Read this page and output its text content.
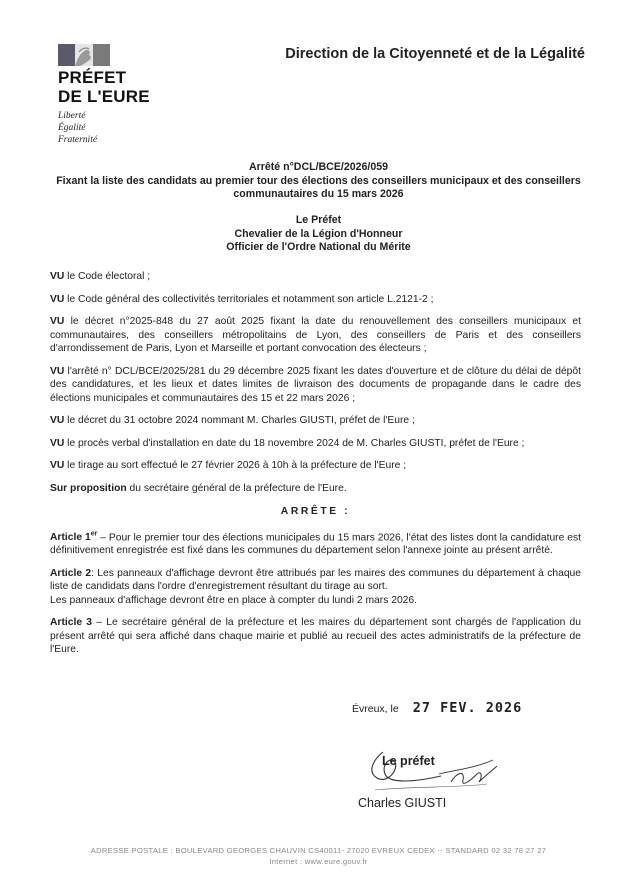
PRÉFET
DE L'EURE
Liberté
Égalité
Fraternité
Direction de la Citoyenneté et de la Légalité
Arrêté n°DCL/BCE/2026/059
Fixant la liste des candidats au premier tour des élections des conseillers municipaux et des conseillers
communautaires du 15 mars 2026
Le Préfet
Chevalier de la Légion d'Honneur
Officier de l'Ordre National du Mérite

VU le Code électoral ;

VU le Code général des collectivités territoriales et notamment son article L.2121-2 ;

VU le décret n°2025-848 du 27 août 2025 fixant la date du renouvellement des conseillers municipaux et communautaires, des conseillers métropolitains de Lyon, des conseillers de Paris et des conseillers d'arrondissement de Paris, Lyon et Marseille et portant convocation des électeurs ;

VU l'arrêté n° DCL/BCE/2025/281 du 29 décembre 2025 fixant les dates d'ouverture et de clôture du délai de dépôt des candidatures, et les lieux et dates limites de livraison des documents de propagande dans le cadre des élections municipales et communautaires des 15 et 22 mars 2026 ;

VU le décret du 31 octobre 2024 nommant M. Charles GIUSTI, préfet de l'Eure ;

VU le procès verbal d'installation en date du 18 novembre 2024 de M. Charles GIUSTI, préfet de l'Eure ;

VU le tirage au sort effectué le 27 février 2026 à 10h à la préfecture de l'Eure ;

Sur proposition du secrétaire général de la préfecture de l'Eure.

ARRÊTE :

Article 1er – Pour le premier tour des élections municipales du 15 mars 2026, l'état des listes dont la candidature est définitivement enregistrée est fixé dans les communes du département selon l'annexe jointe au présent arrêté.

Article 2: Les panneaux d'affichage devront être attribués par les maires des communes du département à chaque liste de candidats dans l'ordre d'enregistrement résultant du tirage au sort.
Les panneaux d'affichage devront être en place à compter du lundi 2 mars 2026.

Article 3 – Le secrétaire général de la préfecture et les maires du département sont chargés de l'application du présent arrêté qui sera affiché dans chaque mairie et publié au recueil des actes administratifs de la préfecture de l'Eure.

Évreux, le 27 FEV. 2026
Le préfet
Charles GIUSTI
ADRESSE POSTALE : BOULEVARD GEORGES CHAUVIN CS40011- 27020 EVREUX CEDEX -- STANDARD 02 32 78 27 27
Internet : www.eure.gouv.fr
